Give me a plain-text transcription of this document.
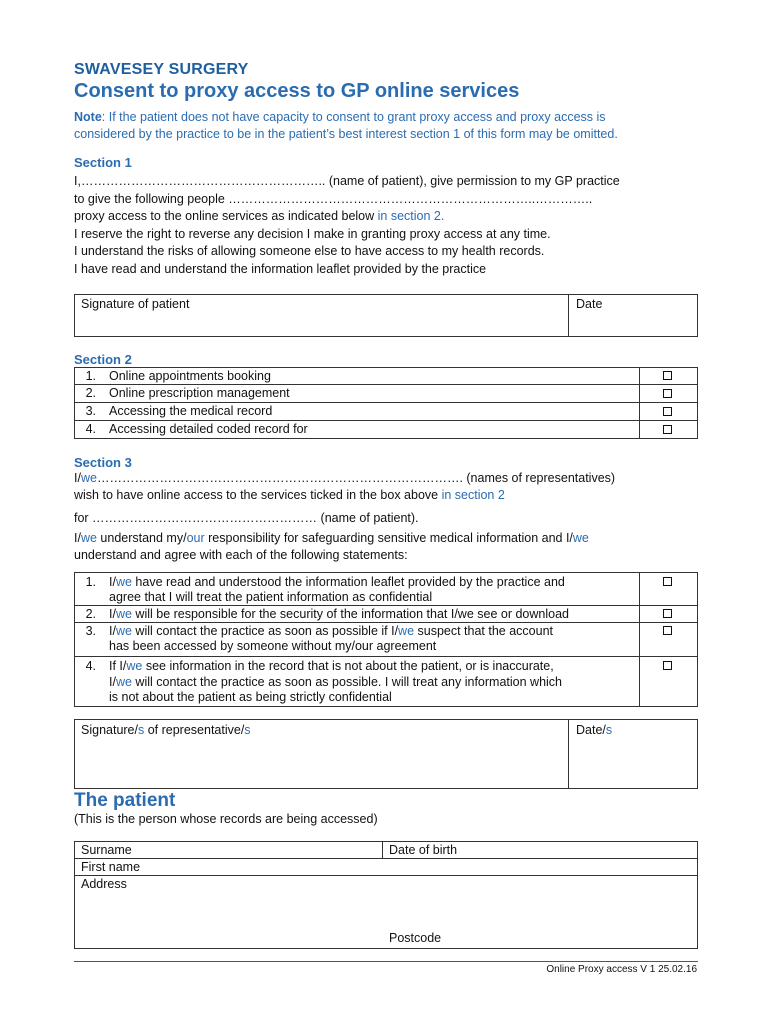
SWAVESEY SURGERY
Consent to proxy access to GP online services
Note: If the patient does not have capacity to consent to grant proxy access and proxy access is
considered by the practice to be in the patient’s best interest section 1 of this form may be omitted.
Section 1
I,………………………………………………….. (name of patient), give permission to my GP practice
to give the following people ………………………………………………………………..…………..
proxy access to the online services as indicated below in section 2.
I reserve the right to reverse any decision I make in granting proxy access at any time.
I understand the risks of allowing someone else to have access to my health records.
I have read and understand the information leaflet provided by the practice
Signature of patient	Date
Section 2
1. Online appointments booking
2. Online prescription management
3. Accessing the medical record
4. Accessing detailed coded record for
Section 3
I/we……………………………………………………………………………. (names of representatives)
wish to have online access to the services ticked in the box above in section 2
for ……………………………………………… (name of patient).
I/we understand my/our responsibility for safeguarding sensitive medical information and I/we
understand and agree with each of the following statements:
1. I/we have read and understood the information leaflet provided by the practice and
agree that I will treat the patient information as confidential
2. I/we will be responsible for the security of the information that I/we see or download
3. I/we will contact the practice as soon as possible if I/we suspect that the account
has been accessed by someone without my/our agreement
4. If I/we see information in the record that is not about the patient, or is inaccurate,
I/we will contact the practice as soon as possible. I will treat any information which
is not about the patient as being strictly confidential
Signature/s of representative/s	Date/s
The patient
(This is the person whose records are being accessed)
Surname	Date of birth
First name
Address
Postcode
Online Proxy access V 1 25.02.16
